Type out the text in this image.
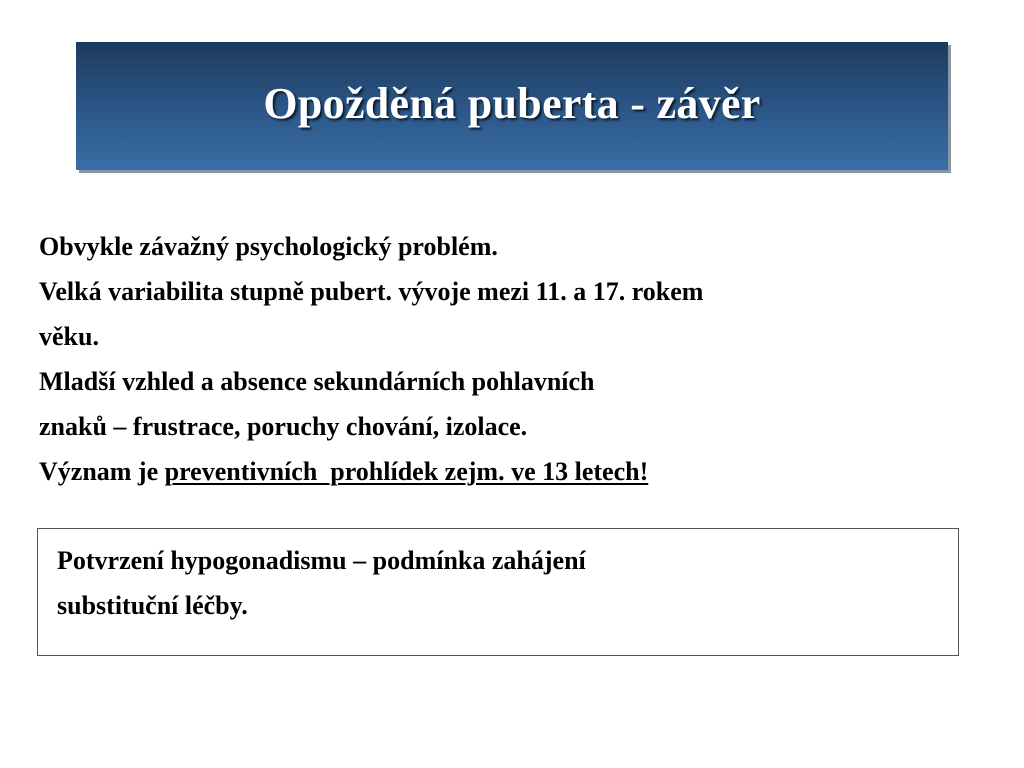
Opožděná puberta - závěr
Obvykle závažný psychologický problém.
Velká variabilita stupně pubert. vývoje mezi 11. a 17. rokem
věku.
Mladší vzhled a absence sekundárních pohlavních
znaků – frustrace, poruchy chování, izolace.
Význam je preventivních  prohlídek zejm. ve 13 letech!
Potvrzení hypogonadismu – podmínka zahájení
substituční léčby.
